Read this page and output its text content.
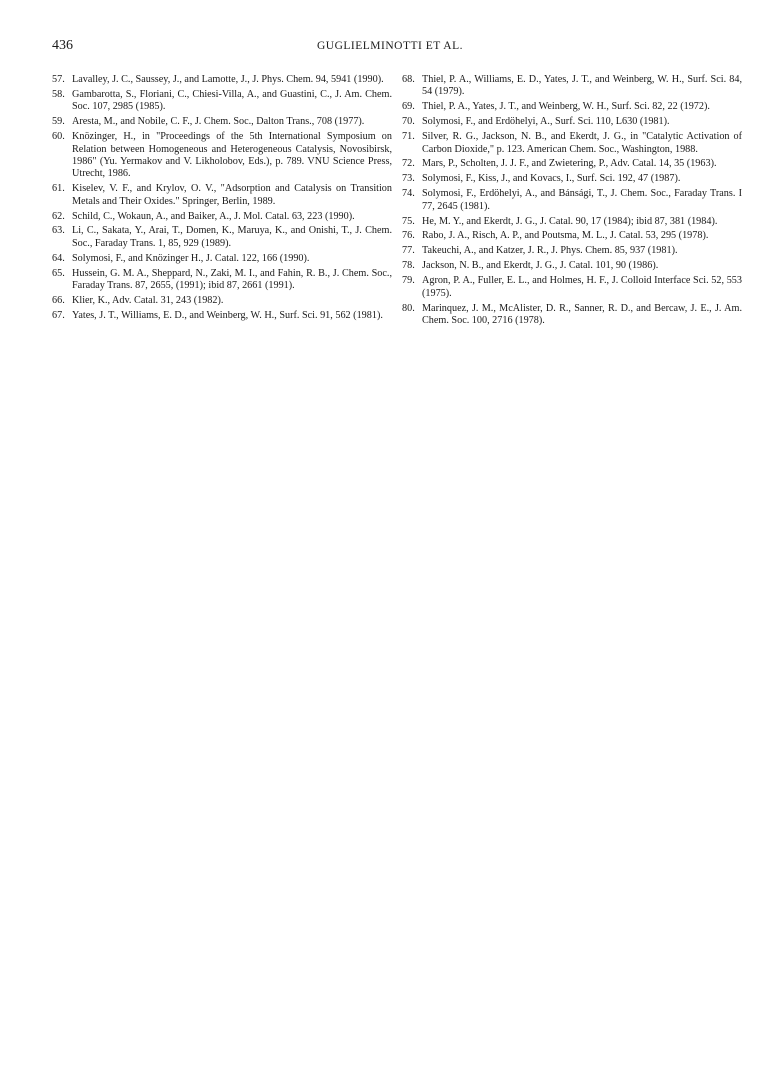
436	GUGLIELMINOTTI ET AL.
57. Lavalley, J. C., Saussey, J., and Lamotte, J., J. Phys. Chem. 94, 5941 (1990).
58. Gambarotta, S., Floriani, C., Chiesi-Villa, A., and Guastini, C., J. Am. Chem. Soc. 107, 2985 (1985).
59. Aresta, M., and Nobile, C. F., J. Chem. Soc., Dalton Trans., 708 (1977).
60. Knözinger, H., in "Proceedings of the 5th International Symposium on Relation between Homogeneous and Heterogeneous Catalysis, Novosibirsk, 1986" (Yu. Yermakov and V. Likholobov, Eds.), p. 789. VNU Science Press, Utrecht, 1986.
61. Kiselev, V. F., and Krylov, O. V., "Adsorption and Catalysis on Transition Metals and Their Oxides." Springer, Berlin, 1989.
62. Schild, C., Wokaun, A., and Baiker, A., J. Mol. Catal. 63, 223 (1990).
63. Li, C., Sakata, Y., Arai, T., Domen, K., Maruya, K., and Onishi, T., J. Chem. Soc., Faraday Trans. 1, 85, 929 (1989).
64. Solymosi, F., and Knözinger H., J. Catal. 122, 166 (1990).
65. Hussein, G. M. A., Sheppard, N., Zaki, M. I., and Fahin, R. B., J. Chem. Soc., Faraday Trans. 87, 2655, (1991); ibid 87, 2661 (1991).
66. Klier, K., Adv. Catal. 31, 243 (1982).
67. Yates, J. T., Williams, E. D., and Weinberg, W. H., Surf. Sci. 91, 562 (1981).
68. Thiel, P. A., Williams, E. D., Yates, J. T., and Weinberg, W. H., Surf. Sci. 84, 54 (1979).
69. Thiel, P. A., Yates, J. T., and Weinberg, W. H., Surf. Sci. 82, 22 (1972).
70. Solymosi, F., and Erdöhelyi, A., Surf. Sci. 110, L630 (1981).
71. Silver, R. G., Jackson, N. B., and Ekerdt, J. G., in "Catalytic Activation of Carbon Dioxide," p. 123. American Chem. Soc., Washington, 1988.
72. Mars, P., Scholten, J. J. F., and Zwietering, P., Adv. Catal. 14, 35 (1963).
73. Solymosi, F., Kiss, J., and Kovacs, I., Surf. Sci. 192, 47 (1987).
74. Solymosi, F., Erdöhelyi, A., and Bánsági, T., J. Chem. Soc., Faraday Trans. I 77, 2645 (1981).
75. He, M. Y., and Ekerdt, J. G., J. Catal. 90, 17 (1984); ibid 87, 381 (1984).
76. Rabo, J. A., Risch, A. P., and Poutsma, M. L., J. Catal. 53, 295 (1978).
77. Takeuchi, A., and Katzer, J. R., J. Phys. Chem. 85, 937 (1981).
78. Jackson, N. B., and Ekerdt, J. G., J. Catal. 101, 90 (1986).
79. Agron, P. A., Fuller, E. L., and Holmes, H. F., J. Colloid Interface Sci. 52, 553 (1975).
80. Marinquez, J. M., McAlister, D. R., Sanner, R. D., and Bercaw, J. E., J. Am. Chem. Soc. 100, 2716 (1978).
